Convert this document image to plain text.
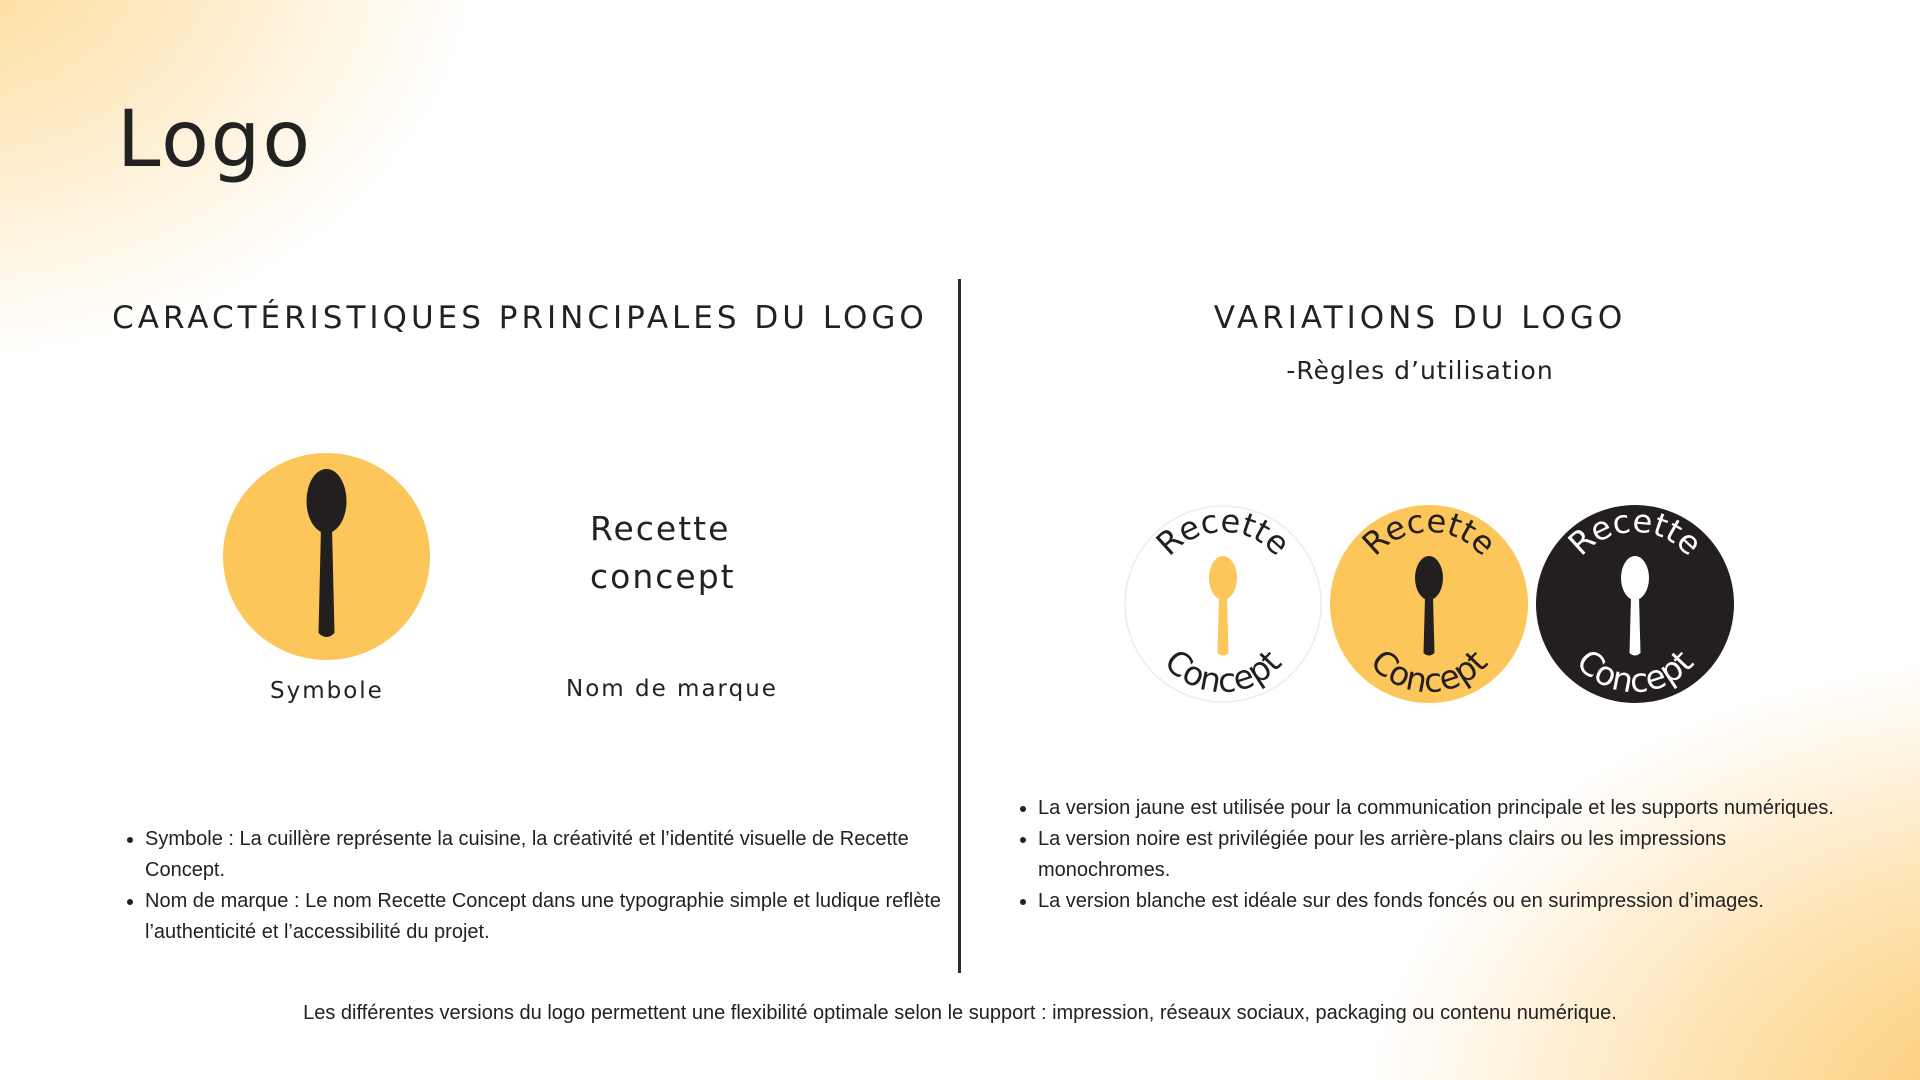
Logo
CARACTÉRISTIQUES PRINCIPALES DU LOGO	VARIATIONS DU LOGO

-Règles d’utilisation

Recette
concept

Symbole	Nom de marque

Recette
Concept
Recette
Concept
Recette
Concept
• Symbole : La cuillère représente la cuisine, la créativité et l’identité visuelle de Recette Concept.
• Nom de marque : Le nom Recette Concept dans une typographie simple et ludique reflète l’authenticité et l’accessibilité du projet.
• La version jaune est utilisée pour la communication principale et les supports numériques.
• La version noire est privilégiée pour les arrière-plans clairs ou les impressions monochromes.
• La version blanche est idéale sur des fonds foncés ou en surimpression d’images.

Les différentes versions du logo permettent une flexibilité optimale selon le support : impression, réseaux sociaux, packaging ou contenu numérique.
